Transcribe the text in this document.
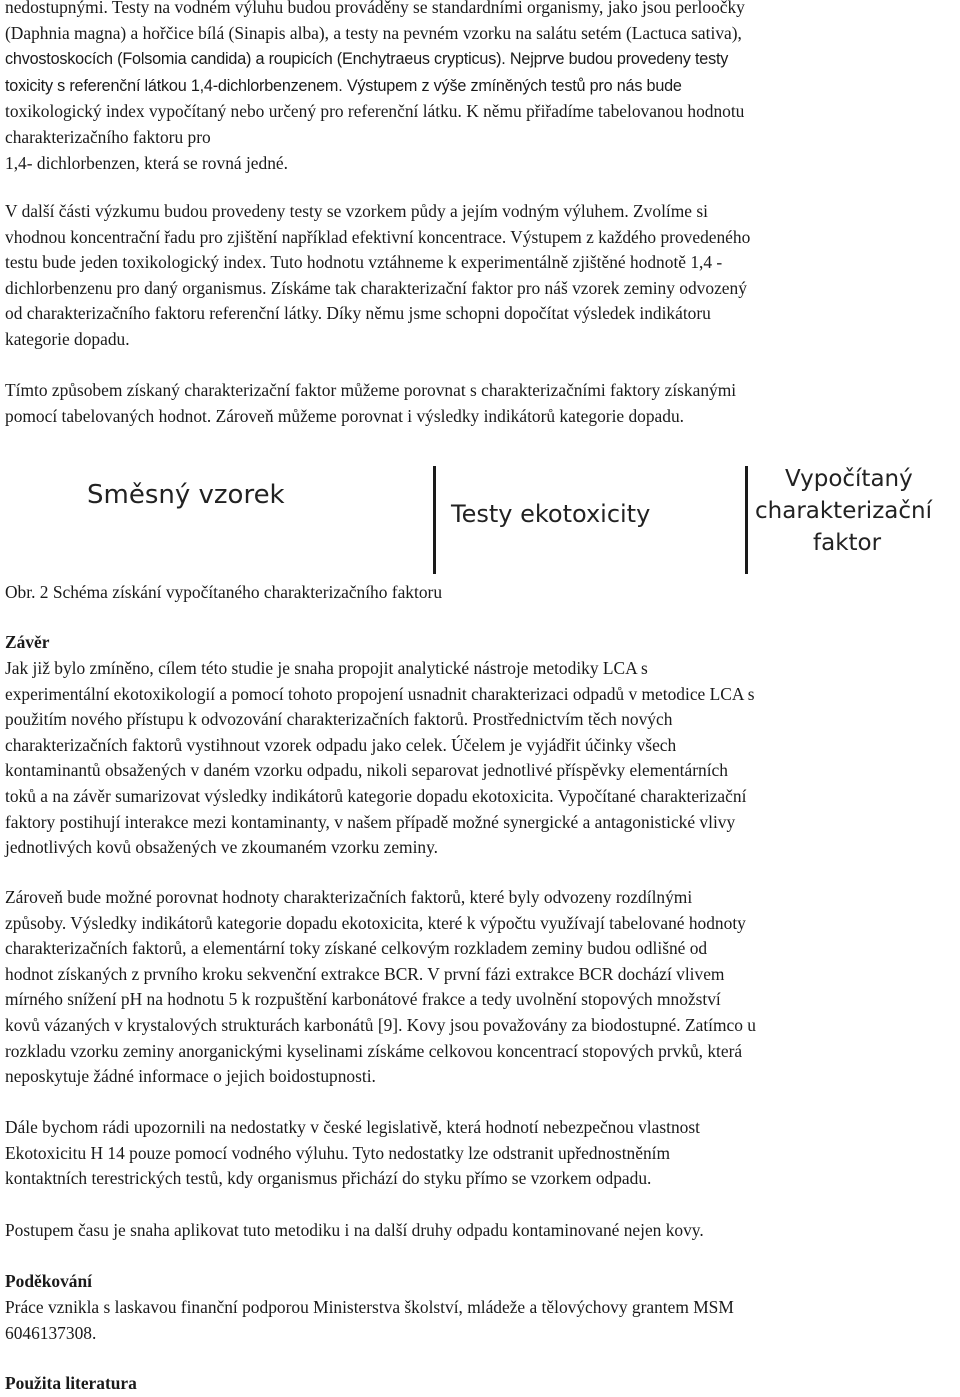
nedostupnými. Testy na vodném výluhu budou prováděny se standardními organismy, jako jsou perloočky
(Daphnia magna) a hořčice bílá (Sinapis alba), a testy na pevném vzorku na salátu setém (Lactuca sativa),
chvostoskocích (Folsomia candida) a roupicích (Enchytraeus crypticus). Nejprve budou provedeny testy
toxicity s referenční látkou 1,4-dichlorbenzenem. Výstupem z výše zmíněných testů pro nás bude
toxikologický index vypočítaný nebo určený pro referenční látku. K němu přiřadíme tabelovanou hodnotu
charakterizačního faktoru pro
1,4- dichlorbenzen, která se rovná jedné.

V další části výzkumu budou provedeny testy se vzorkem půdy a jejím vodným výluhem. Zvolíme si
vhodnou koncentrační řadu pro zjištění například efektivní koncentrace. Výstupem z každého provedeného
testu bude jeden toxikologický index. Tuto hodnotu vztáhneme k experimentálně zjištěné hodnotě 1,4 -
dichlorbenzenu pro daný organismus. Získáme tak charakterizační faktor pro náš vzorek zeminy odvozený
od charakterizačního faktoru referenční látky. Díky němu jsme schopni dopočítat výsledek indikátoru
kategorie dopadu.

Tímto způsobem získaný charakterizační faktor můžeme porovnat s charakterizačními faktory získanými
pomocí tabelovaných hodnot. Zároveň můžeme porovnat i výsledky indikátorů kategorie dopadu.

Směsný vzorek
Testy ekotoxicity
Vypočítaný
charakterizační
faktor

Obr. 2 Schéma získání vypočítaného charakterizačního faktoru

Závěr

Jak již bylo zmíněno, cílem této studie je snaha propojit analytické nástroje metodiky LCA s
experimentální ekotoxikologií a pomocí tohoto propojení usnadnit charakterizaci odpadů v metodice LCA s
použitím nového přístupu k odvozování charakterizačních faktorů. Prostřednictvím těch nových
charakterizačních faktorů vystihnout vzorek odpadu jako celek. Účelem je vyjádřit účinky všech
kontaminantů obsažených v daném vzorku odpadu, nikoli separovat jednotlivé příspěvky elementárních
toků a na závěr sumarizovat výsledky indikátorů kategorie dopadu ekotoxicita. Vypočítané charakterizační
faktory postihují interakce mezi kontaminanty, v našem případě možné synergické a antagonistické vlivy
jednotlivých kovů obsažených ve zkoumaném vzorku zeminy.

Zároveň bude možné porovnat hodnoty charakterizačních faktorů, které byly odvozeny rozdílnými
způsoby. Výsledky indikátorů kategorie dopadu ekotoxicita, které k výpočtu využívají tabelované hodnoty
charakterizačních faktorů, a elementární toky získané celkovým rozkladem zeminy budou odlišné od
hodnot získaných z prvního kroku sekvenční extrakce BCR. V první fázi extrakce BCR dochází vlivem
mírného snížení pH na hodnotu 5 k rozpuštění karbonátové frakce a tedy uvolnění stopových množství
kovů vázaných v krystalových strukturách karbonátů [9]. Kovy jsou považovány za biodostupné. Zatímco u
rozkladu vzorku zeminy anorganickými kyselinami získáme celkovou koncentrací stopových prvků, která
neposkytuje žádné informace o jejich boidostupnosti.

Dále bychom rádi upozornili na nedostatky v české legislativě, která hodnotí nebezpečnou vlastnost
Ekotoxicitu H 14 pouze pomocí vodného výluhu. Tyto nedostatky lze odstranit upřednostněním
kontaktních terestrických testů, kdy organismus přichází do styku přímo se vzorkem odpadu.

Postupem času je snaha aplikovat tuto metodiku i na další druhy odpadu kontaminované nejen kovy.

Poděkování

Práce vznikla s laskavou finanční podporou Ministerstva školství, mládeže a tělovýchovy grantem MSM
6046137308.

Použita literatura
